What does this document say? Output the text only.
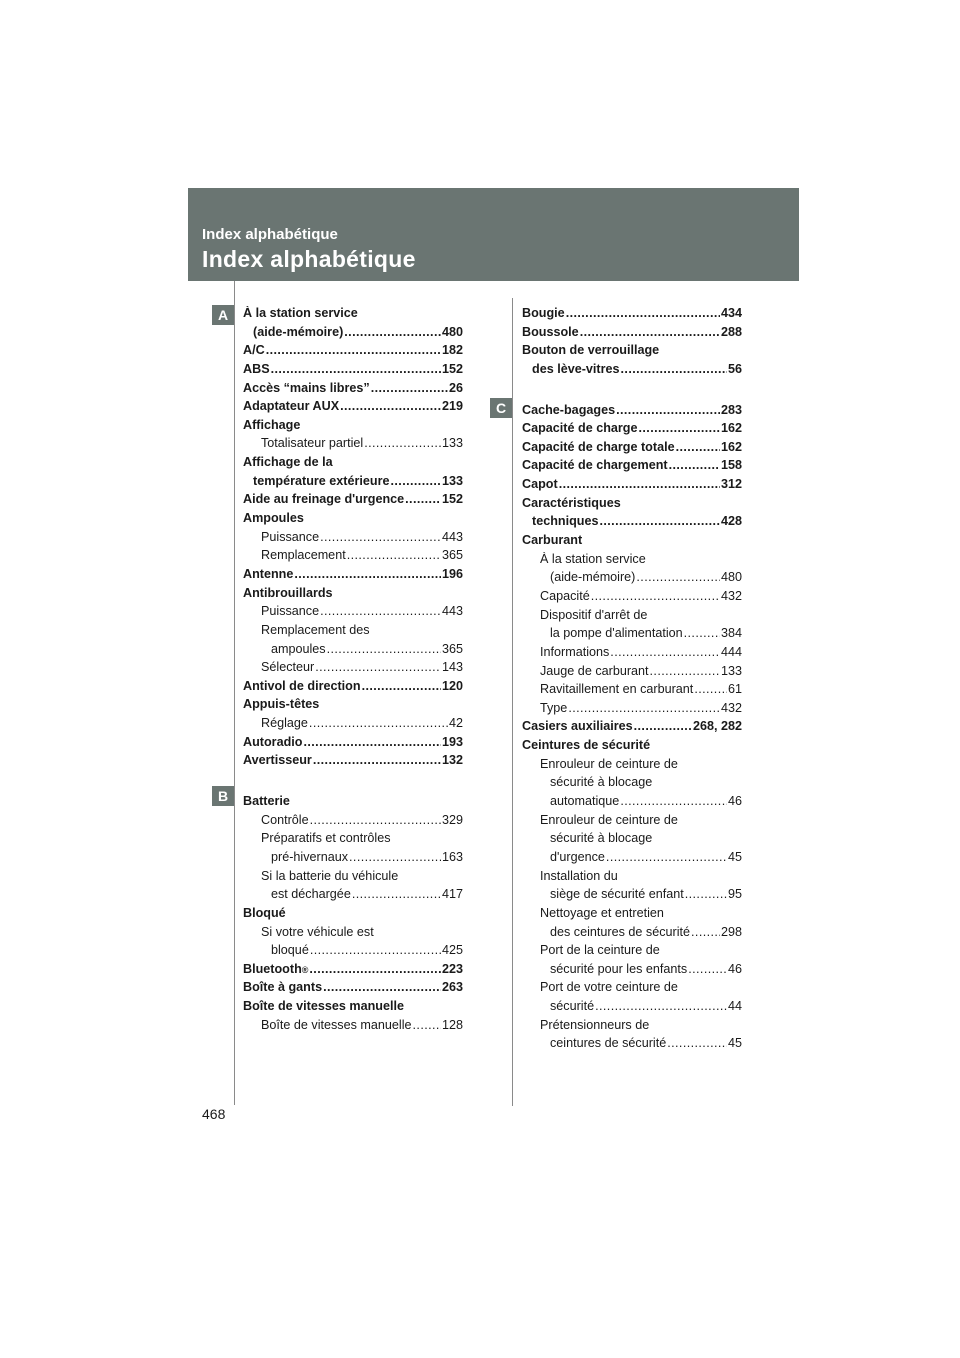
Index alphabétique
Index alphabétique
A
B
C
À la station service
(aide-mémoire) .....	480
A/C .....	182
ABS .....	152
Accès “mains libres” .....	26
Adaptateur AUX .....	219
Affichage
Totalisateur partiel .....	133
Affichage de la
température extérieure .....	133
Aide au freinage d'urgence .....	152
Ampoules
Puissance .....	443
Remplacement .....	365
Antenne .....	196
Antibrouillards
Puissance .....	443
Remplacement des
ampoules .....	365
Sélecteur .....	143
Antivol de direction .....	120
Appuis-têtes
Réglage .....	42
Autoradio .....	193
Avertisseur .....	132
Batterie
Contrôle .....	329
Préparatifs et contrôles
pré-hivernaux .....	163
Si la batterie du véhicule
est déchargée .....	417
Bloqué
Si votre véhicule est
bloqué .....	425
Bluetooth ® .....	223
Boîte à gants .....	263
Boîte de vitesses manuelle
Boîte de vitesses manuelle ..... 128
Bougie .....	434
Boussole .....	288
Bouton de verrouillage
des lève-vitres .....	56
Cache-bagages .....	283
Capacité de charge .....	162
Capacité de charge totale .....	162
Capacité de chargement .....	158
Capot .....	312
Caractéristiques
techniques .....	428
Carburant
À la station service
(aide-mémoire) .....	480
Capacité .....	432
Dispositif d'arrêt de
la pompe d'alimentation .....	384
Informations .....	444
Jauge de carburant .....	133
Ravitaillement en carburant .....	61
Type .....	432
Casiers auxiliaires .....	268, 282
Ceintures de sécurité
Enrouleur de ceinture de
sécurité à blocage
automatique .....	46
Enrouleur de ceinture de
sécurité à blocage
d'urgence .....	45
Installation du
siège de sécurité enfant .....	95
Nettoyage et entretien
des ceintures de sécurité ..... 298
Port de la ceinture de
sécurité pour les enfants .....	46
Port de votre ceinture de
sécurité .....	44
Prétensionneurs de
ceintures de sécurité .....	45
468
